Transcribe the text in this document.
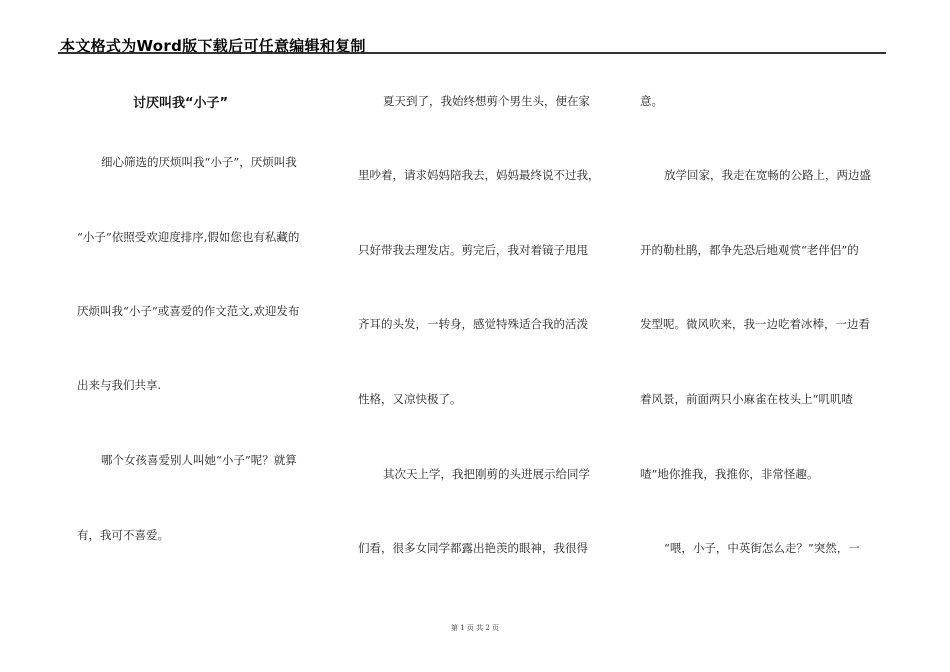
本文格式为Word版下载后可任意编辑和复制
讨厌叫我“小子”
细心筛选的厌烦叫我“小子”，厌烦叫我
“小子”依照受欢迎度排序,假如您也有私藏的
厌烦叫我“小子”或喜爱的作文范文,欢迎发布
出来与我们共享.
哪个女孩喜爱别人叫她“小子”呢？就算
有，我可不喜爱。
夏天到了，我始终想剪个男生头，便在家
里吵着，请求妈妈陪我去，妈妈最终说不过我，
只好带我去理发店。剪完后，我对着镜子甩甩
齐耳的头发，一转身，感觉特殊适合我的活泼
性格，又凉快极了。
其次天上学，我把刚剪的头进展示给同学
们看，很多女同学都露出艳羡的眼神，我很得
意。
放学回家，我走在宽畅的公路上，两边盛
开的勒杜鹃，都争先恐后地观赏“老伴侣”的
发型呢。微风吹来，我一边吃着冰棒，一边看
着风景，前面两只小麻雀在枝头上“叽叽喳
喳”地你推我，我推你，非常怪趣。
“喂，小子，中英街怎么走？”突然，一
第 1 页 共 2 页
